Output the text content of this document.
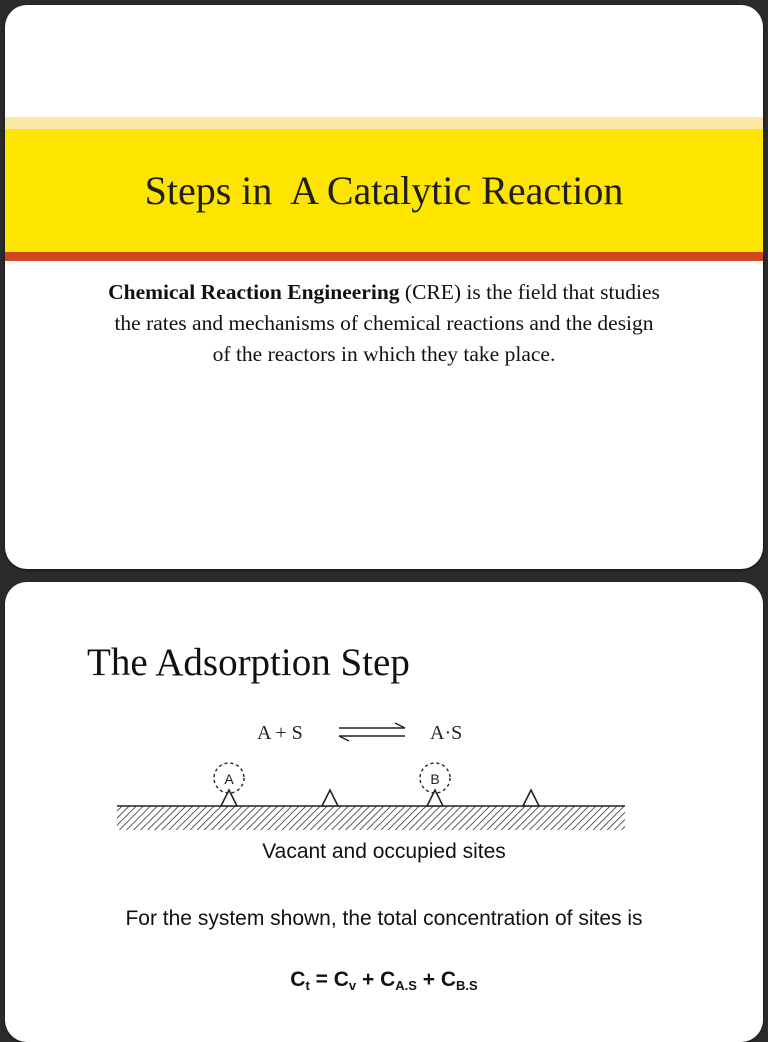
Steps in  A Catalytic Reaction
Chemical Reaction Engineering (CRE) is the field that studies the rates and mechanisms of chemical reactions and the design of the reactors in which they take place.
The Adsorption Step
A + S	A·S
A	B
Vacant and occupied sites
For the system shown, the total concentration of sites is
$C_t = C_v + C_{A.S} + C_{B.S}$
